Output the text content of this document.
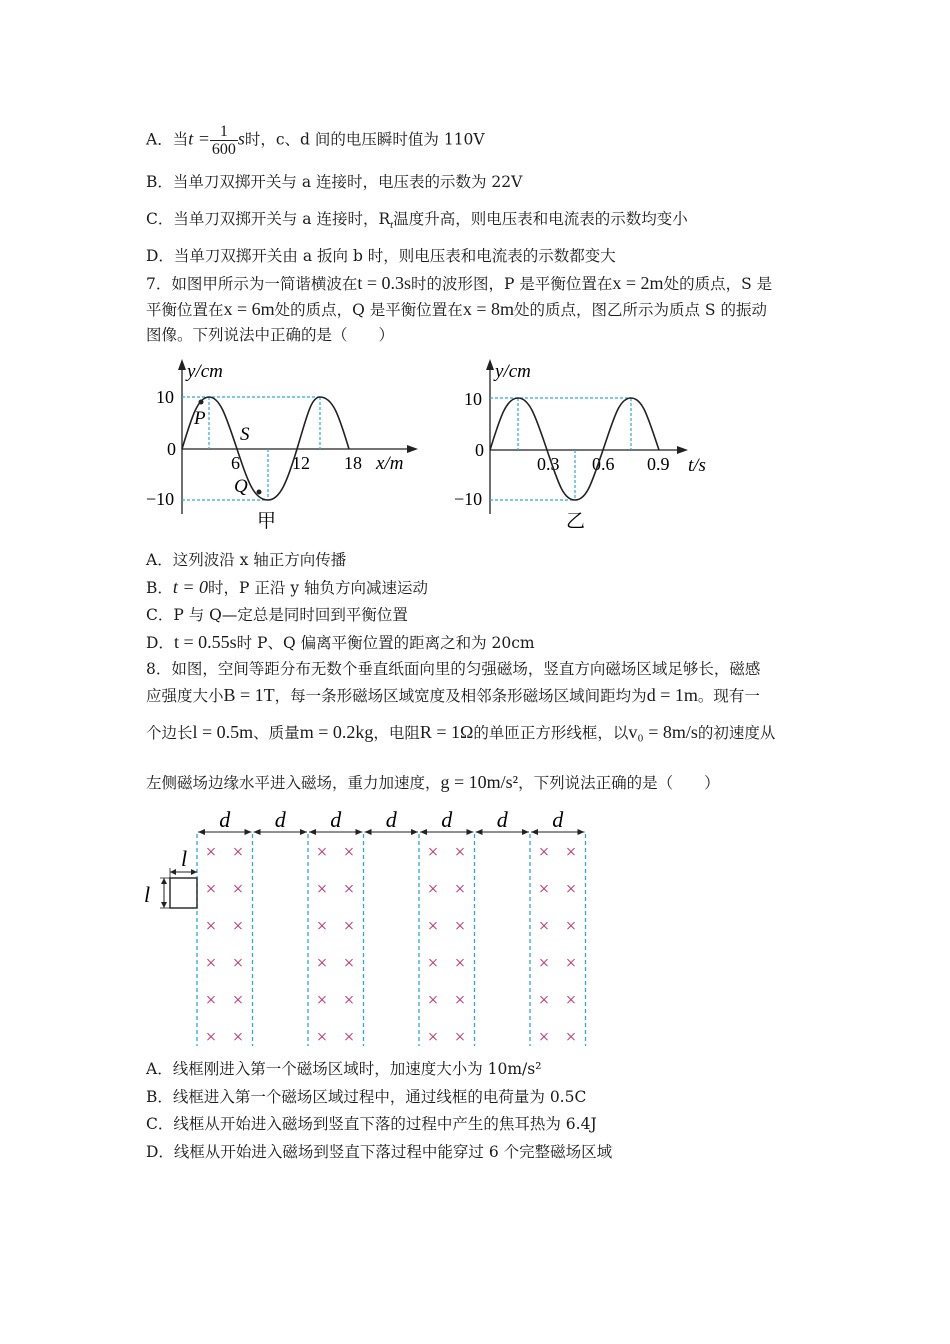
A．当$t = \frac{1}{600}$ s时，c、d 间的电压瞬时值为 110V
B．当单刀双掷开关与 a 连接时，电压表的示数为 22V
C．当单刀双掷开关与 a 连接时，$R_t$温度升高，则电压表和电流表的示数均变小
D．当单刀双掷开关由 a 扳向 b 时，则电压表和电流表的示数都变大
7．如图甲所示为一简谐横波在t = 0.3s时的波形图，P 是平衡位置在x = 2m处的质点，S 是
平衡位置在x = 6m处的质点，Q 是平衡位置在x = 8m处的质点，图乙所示为质点 S 的振动
图像。下列说法中正确的是（　　）
y/cm
x/m
10
0
−10
6	12 18
P
S
Q
甲
y/cm
t/s
10
0
−10
0.3 0.6 0.9
乙
A．这列波沿 x 轴正方向传播
B．t = 0时，P 正沿 y 轴负方向减速运动
C．P 与 Q—定总是同时回到平衡位置
D．t = 0.55s时 P、Q 偏离平衡位置的距离之和为 20cm
8．如图，空间等距分布无数个垂直纸面向里的匀强磁场，竖直方向磁场区域足够长，磁感
应强度大小B = 1T，每一条形磁场区域宽度及相邻条形磁场区域间距均为d = 1m。现有一
个边长l = 0.5m、质量m = 0.2kg，电阻R = 1Ω的单匝正方形线框，以v₀ = 8m/s的初速度从
左侧磁场边缘水平进入磁场，重力加速度，g = 10m/s²，下列说法正确的是（　　）
d d d d d d d
× ×
× ×
× ×
× ×
× ×
× ×
× ×
× ×
× ×
× ×
× ×
× ×
× ×
× ×
× ×
× ×
× ×
× ×
× ×
× ×
× ×
× ×
× ×
× ×
l
l
A．线框刚进入第一个磁场区域时，加速度大小为 10m/s²
B．线框进入第一个磁场区域过程中，通过线框的电荷量为 0.5C
C．线框从开始进入磁场到竖直下落的过程中产生的焦耳热为 6.4J
D．线框从开始进入磁场到竖直下落过程中能穿过 6 个完整磁场区域
